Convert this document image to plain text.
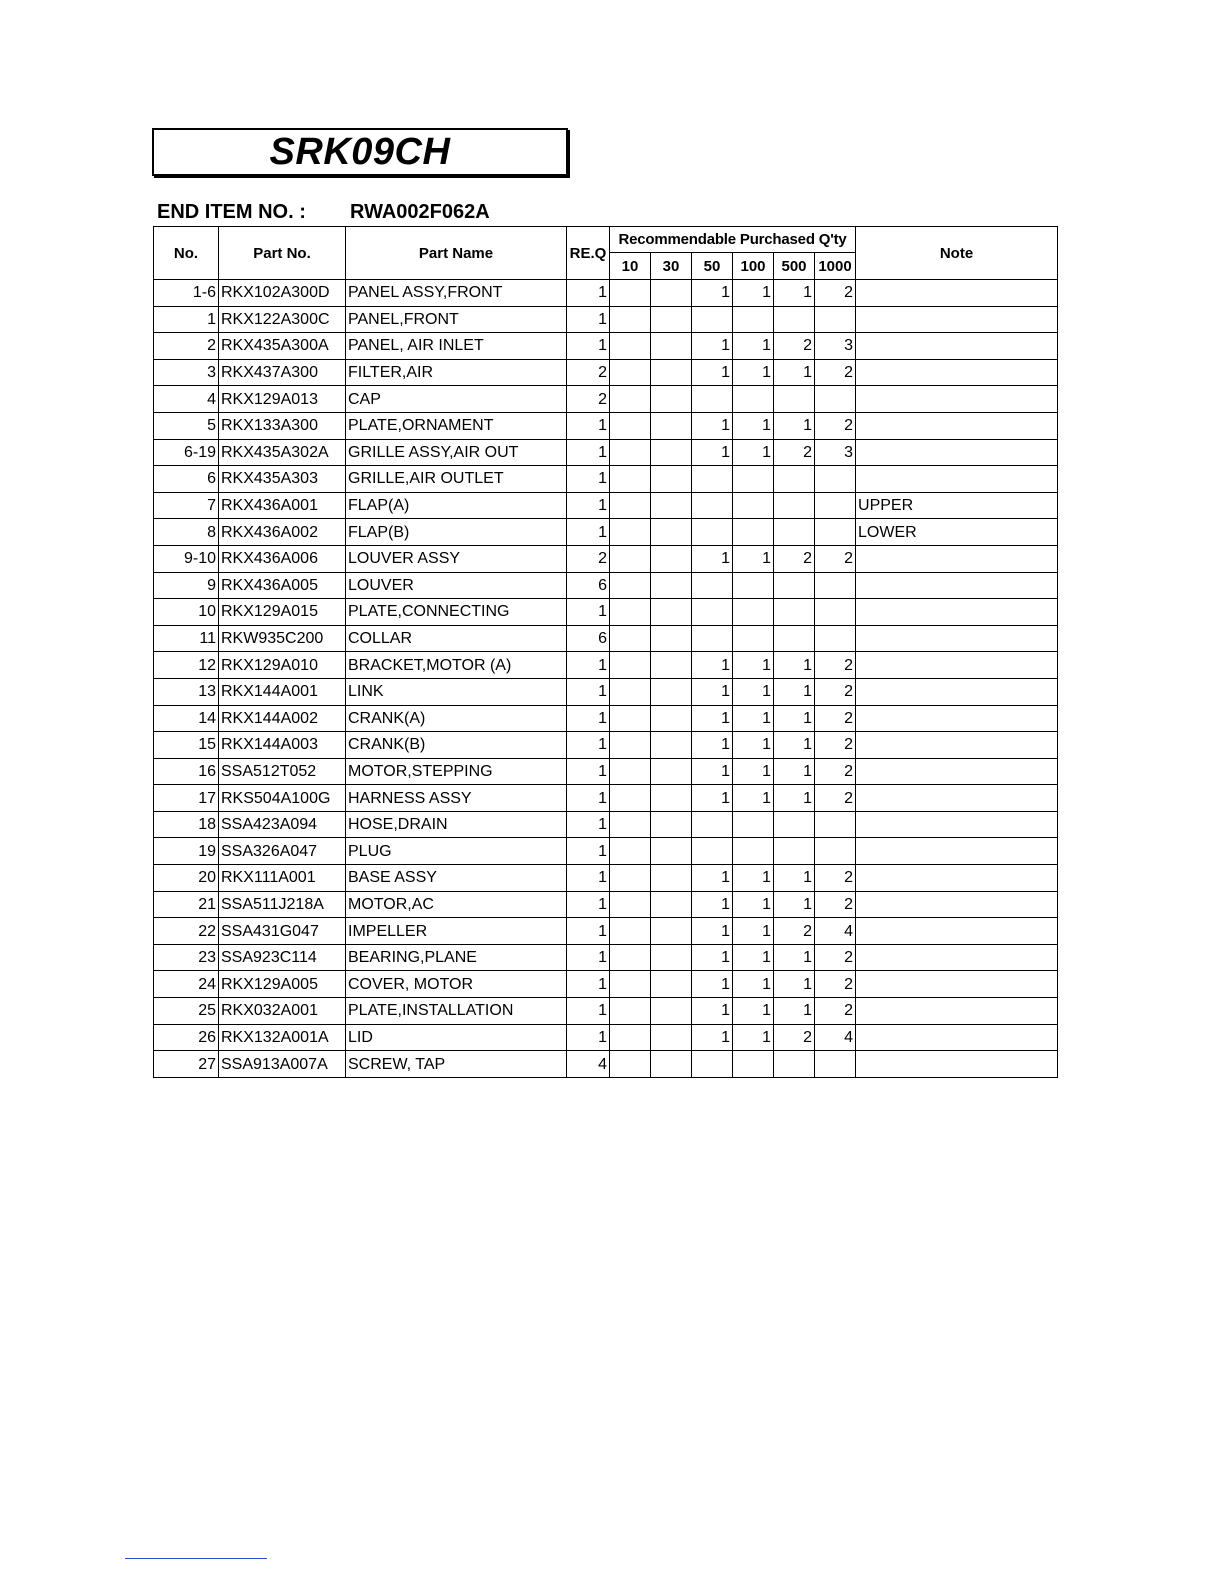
SRK09CH
END ITEM NO. : RWA002F062A
No.	Part No.	Part Name	RE.Q	Recommendable Purchased Q'ty						Note
				10	30	50	100	500	1000	
1-6	RKX102A300D	PANEL ASSY,FRONT	1			1	1	1	2	
1	RKX122A300C	PANEL,FRONT	1							
2	RKX435A300A	PANEL, AIR INLET	1			1	1	2	3	
3	RKX437A300	FILTER,AIR	2			1	1	1	2	
4	RKX129A013	CAP	2							
5	RKX133A300	PLATE,ORNAMENT	1			1	1	1	2	
6-19	RKX435A302A	GRILLE ASSY,AIR OUT	1			1	1	2	3	
6	RKX435A303	GRILLE,AIR OUTLET	1							
7	RKX436A001	FLAP(A)	1							UPPER
8	RKX436A002	FLAP(B)	1							LOWER
9-10	RKX436A006	LOUVER ASSY	2			1	1	2	2	
9	RKX436A005	LOUVER	6							
10	RKX129A015	PLATE,CONNECTING	1							
11	RKW935C200	COLLAR	6							
12	RKX129A010	BRACKET,MOTOR (A)	1			1	1	1	2	
13	RKX144A001	LINK	1			1	1	1	2	
14	RKX144A002	CRANK(A)	1			1	1	1	2	
15	RKX144A003	CRANK(B)	1			1	1	1	2	
16	SSA512T052	MOTOR,STEPPING	1			1	1	1	2	
17	RKS504A100G	HARNESS ASSY	1			1	1	1	2	
18	SSA423A094	HOSE,DRAIN	1							
19	SSA326A047	PLUG	1							
20	RKX111A001	BASE ASSY	1			1	1	1	2	
21	SSA511J218A	MOTOR,AC	1			1	1	1	2	
22	SSA431G047	IMPELLER	1			1	1	2	4	
23	SSA923C114	BEARING,PLANE	1			1	1	1	2	
24	RKX129A005	COVER, MOTOR	1			1	1	1	2	
25	RKX032A001	PLATE,INSTALLATION	1			1	1	1	2	
26	RKX132A001A	LID	1			1	1	2	4	
27	SSA913A007A	SCREW, TAP	4							
